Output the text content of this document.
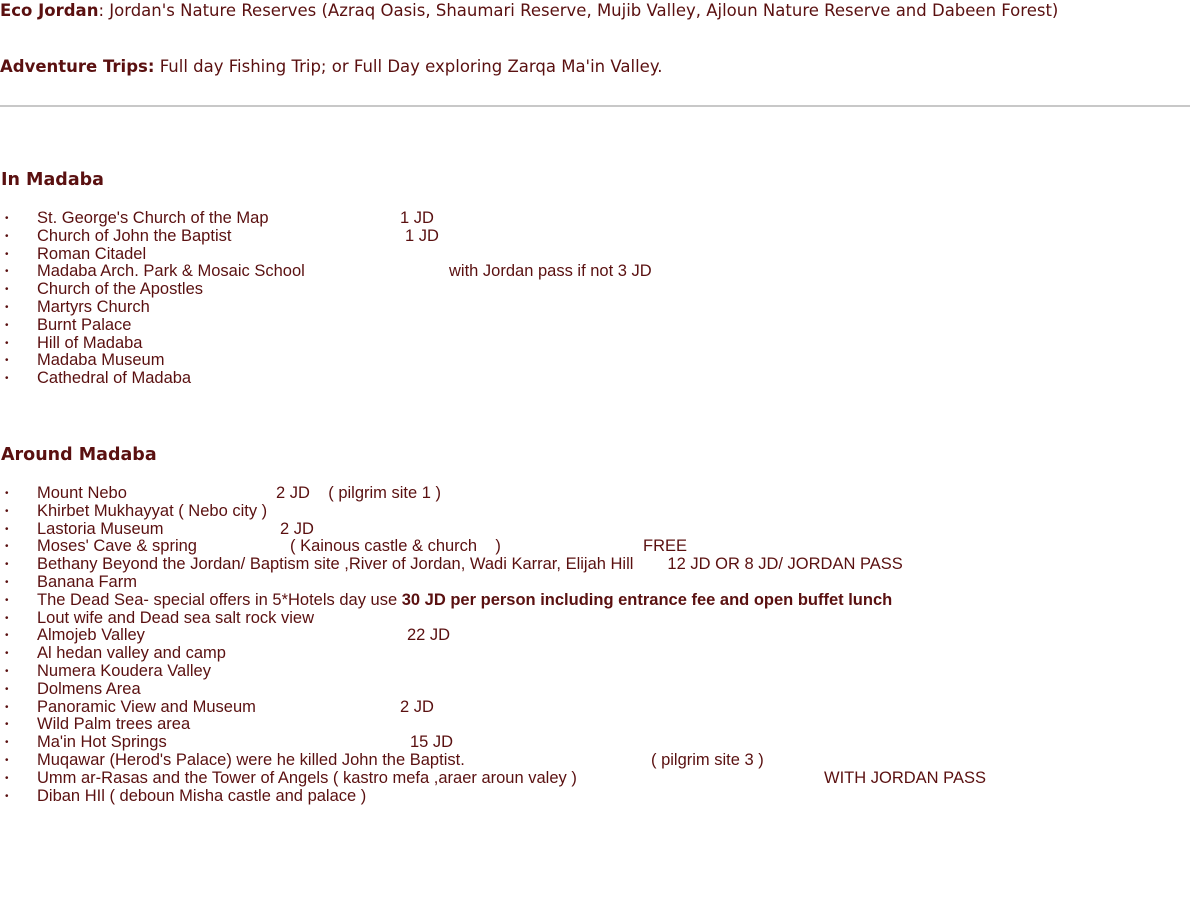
Eco Jordan: Jordan's Nature Reserves (Azraq Oasis, Shaumari Reserve, Mujib Valley, Ajloun Nature Reserve and Dabeen Forest)
Adventure Trips: Full day Fishing Trip; or Full Day exploring Zarqa Ma'in Valley.
In Madaba
• St. George's Church of the Map	1 JD
• Church of John the Baptist	1 JD
• Roman Citadel
• Madaba Arch. Park & Mosaic School	with Jordan pass if not 3 JD
• Church of the Apostles
• Martyrs Church
• Burnt Palace
• Hill of Madaba
• Madaba Museum
• Cathedral of Madaba
Around Madaba
• Mount Nebo	2 JD    ( pilgrim site 1 )
• Khirbet Mukhayyat ( Nebo city )
• Lastoria Museum	2 JD
• Moses' Cave & spring	( Kainous castle & church    )	FREE
• Bethany Beyond the Jordan/ Baptism site ,River of Jordan, Wadi Karrar, Elijah Hill 12 JD OR 8 JD/ JORDAN PASS
• Banana Farm
• The Dead Sea- special offers in 5*Hotels day use 30 JD per person including entrance fee and open buffet lunch
• Lout wife and Dead sea salt rock view
• Almojeb Valley	22 JD
• Al hedan valley and camp
• Numera Koudera Valley
• Dolmens Area
• Panoramic View and Museum	2 JD
• Wild Palm trees area
• Ma'in Hot Springs	15 JD
• Muqawar (Herod's Palace) were he killed John the Baptist.	( pilgrim site 3 )
• Umm ar-Rasas and the Tower of Angels ( kastro mefa ,araer aroun valey )	WITH JORDAN PASS
• Diban HIl ( deboun Misha castle and palace )
